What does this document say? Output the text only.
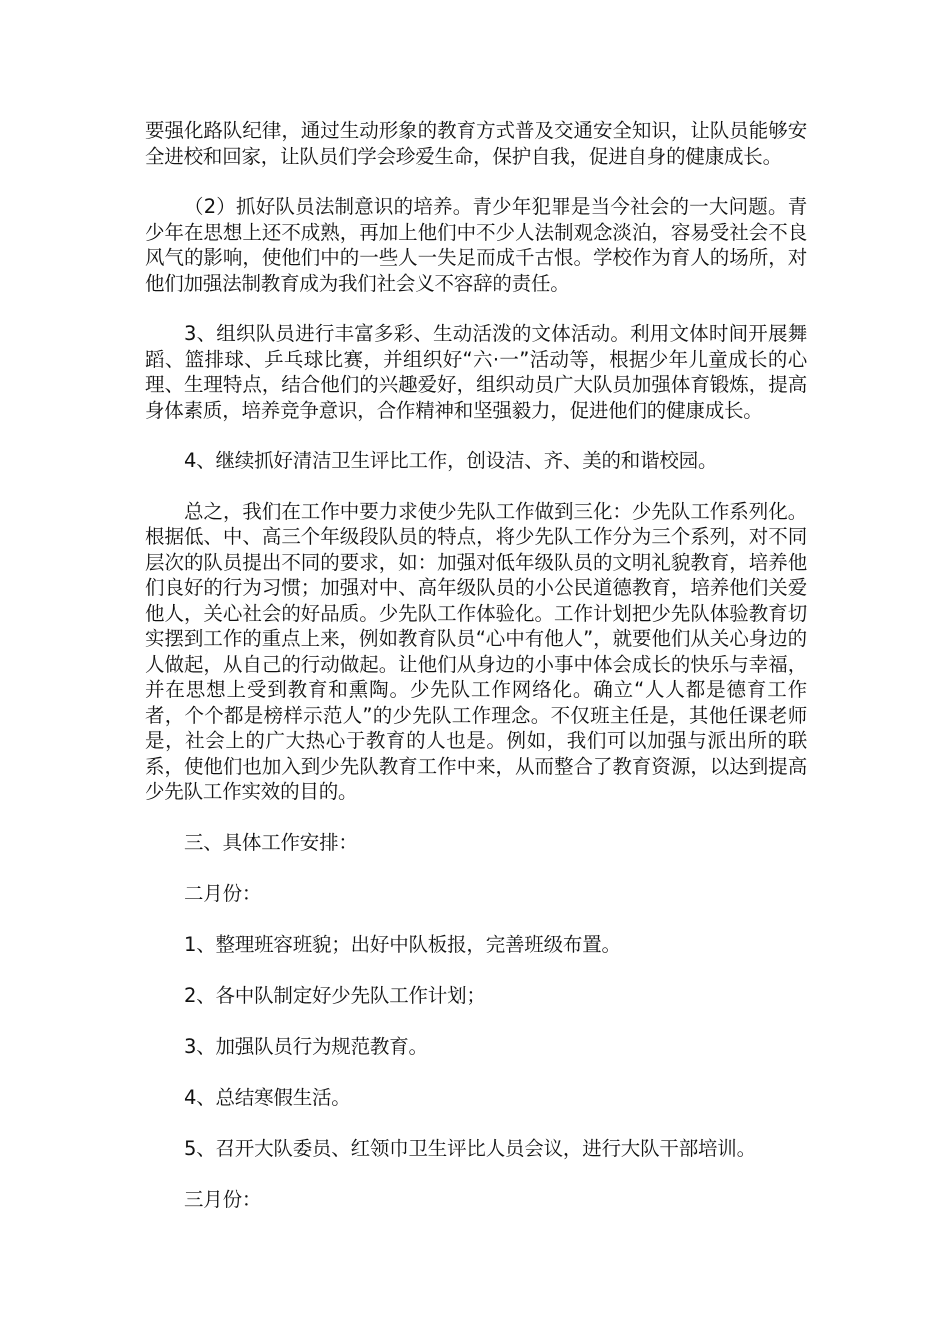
要强化路队纪律，通过生动形象的教育方式普及交通安全知识，让队员能够安全进校和回家，让队员们学会珍爱生命，保护自我，促进自身的健康成长。

（2）抓好队员法制意识的培养。青少年犯罪是当今社会的一大问题。青少年在思想上还不成熟，再加上他们中不少人法制观念淡泊，容易受社会不良风气的影响，使他们中的一些人一失足而成千古恨。学校作为育人的场所，对他们加强法制教育成为我们社会义不容辞的责任。

3、组织队员进行丰富多彩、生动活泼的文体活动。利用文体时间开展舞蹈、篮排球、乒乓球比赛，并组织好“六·一”活动等，根据少年儿童成长的心理、生理特点，结合他们的兴趣爱好，组织动员广大队员加强体育锻炼，提高身体素质，培养竞争意识，合作精神和坚强毅力，促进他们的健康成长。

4、继续抓好清洁卫生评比工作，创设洁、齐、美的和谐校园。

总之，我们在工作中要力求使少先队工作做到三化：少先队工作系列化。根据低、中、高三个年级段队员的特点，将少先队工作分为三个系列，对不同层次的队员提出不同的要求，如：加强对低年级队员的文明礼貌教育，培养他们良好的行为习惯；加强对中、高年级队员的小公民道德教育，培养他们关爱他人，关心社会的好品质。少先队工作体验化。工作计划把少先队体验教育切实摆到工作的重点上来，例如教育队员“心中有他人”，就要他们从关心身边的人做起，从自己的行动做起。让他们从身边的小事中体会成长的快乐与幸福，并在思想上受到教育和熏陶。少先队工作网络化。确立“人人都是德育工作者，个个都是榜样示范人”的少先队工作理念。不仅班主任是，其他任课老师是，社会上的广大热心于教育的人也是。例如，我们可以加强与派出所的联系，使他们也加入到少先队教育工作中来，从而整合了教育资源，以达到提高少先队工作实效的目的。

三、具体工作安排：

二月份：

1、整理班容班貌；出好中队板报，完善班级布置。

2、各中队制定好少先队工作计划；

3、加强队员行为规范教育。

4、总结寒假生活。

5、召开大队委员、红领巾卫生评比人员会议，进行大队干部培训。

三月份：
